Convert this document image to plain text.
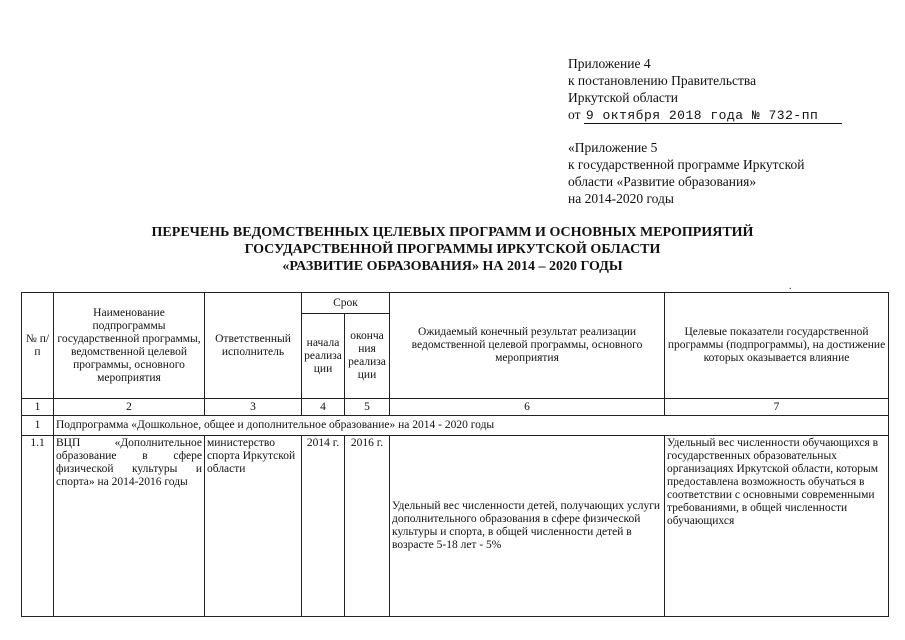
Приложение 4
к постановлению Правительства
Иркутской области
от 9 октября 2018 года № 732-пп
«Приложение 5
к государственной программе Иркутской
области «Развитие образования»
на 2014-2020 годы
ПЕРЕЧЕНЬ ВЕДОМСТВЕННЫХ ЦЕЛЕВЫХ ПРОГРАММ И ОСНОВНЫХ МЕРОПРИЯТИЙ
ГОСУДАРСТВЕННОЙ ПРОГРАММЫ ИРКУТСКОЙ ОБЛАСТИ
«РАЗВИТИЕ ОБРАЗОВАНИЯ» НА 2014 – 2020 ГОДЫ
.
№ п/п	Наименование подпрограммы государственной программы, ведомственной целевой программы, основного мероприятия	Ответственный исполнитель	Срок		Ожидаемый конечный результат реализации ведомственной целевой программы, основного мероприятия	Целевые показатели государственной программы (подпрограммы), на достижение которых оказывается влияние
			начала реализа ции	оконча ния реализа ции		
1	2	3	4	5	6	7
1	Подпрограмма «Дошкольное, общее и дополнительное образование» на 2014 - 2020 годы					
1.1	ВЦП «Дополнительное образование в сфере физической культуры и спорта» на 2014-2016 годы	министерство спорта Иркутской области	2014 г.	2016 г.	Удельный вес численности детей, получающих услуги дополнительного образования в сфере физической культуры и спорта, в общей численности детей в возрасте 5-18 лет - 5%	Удельный вес численности обучающихся в государственных образовательных организациях Иркутской области, которым предоставлена возможность обучаться в соответствии с основными современными требованиями, в общей численности обучающихся
